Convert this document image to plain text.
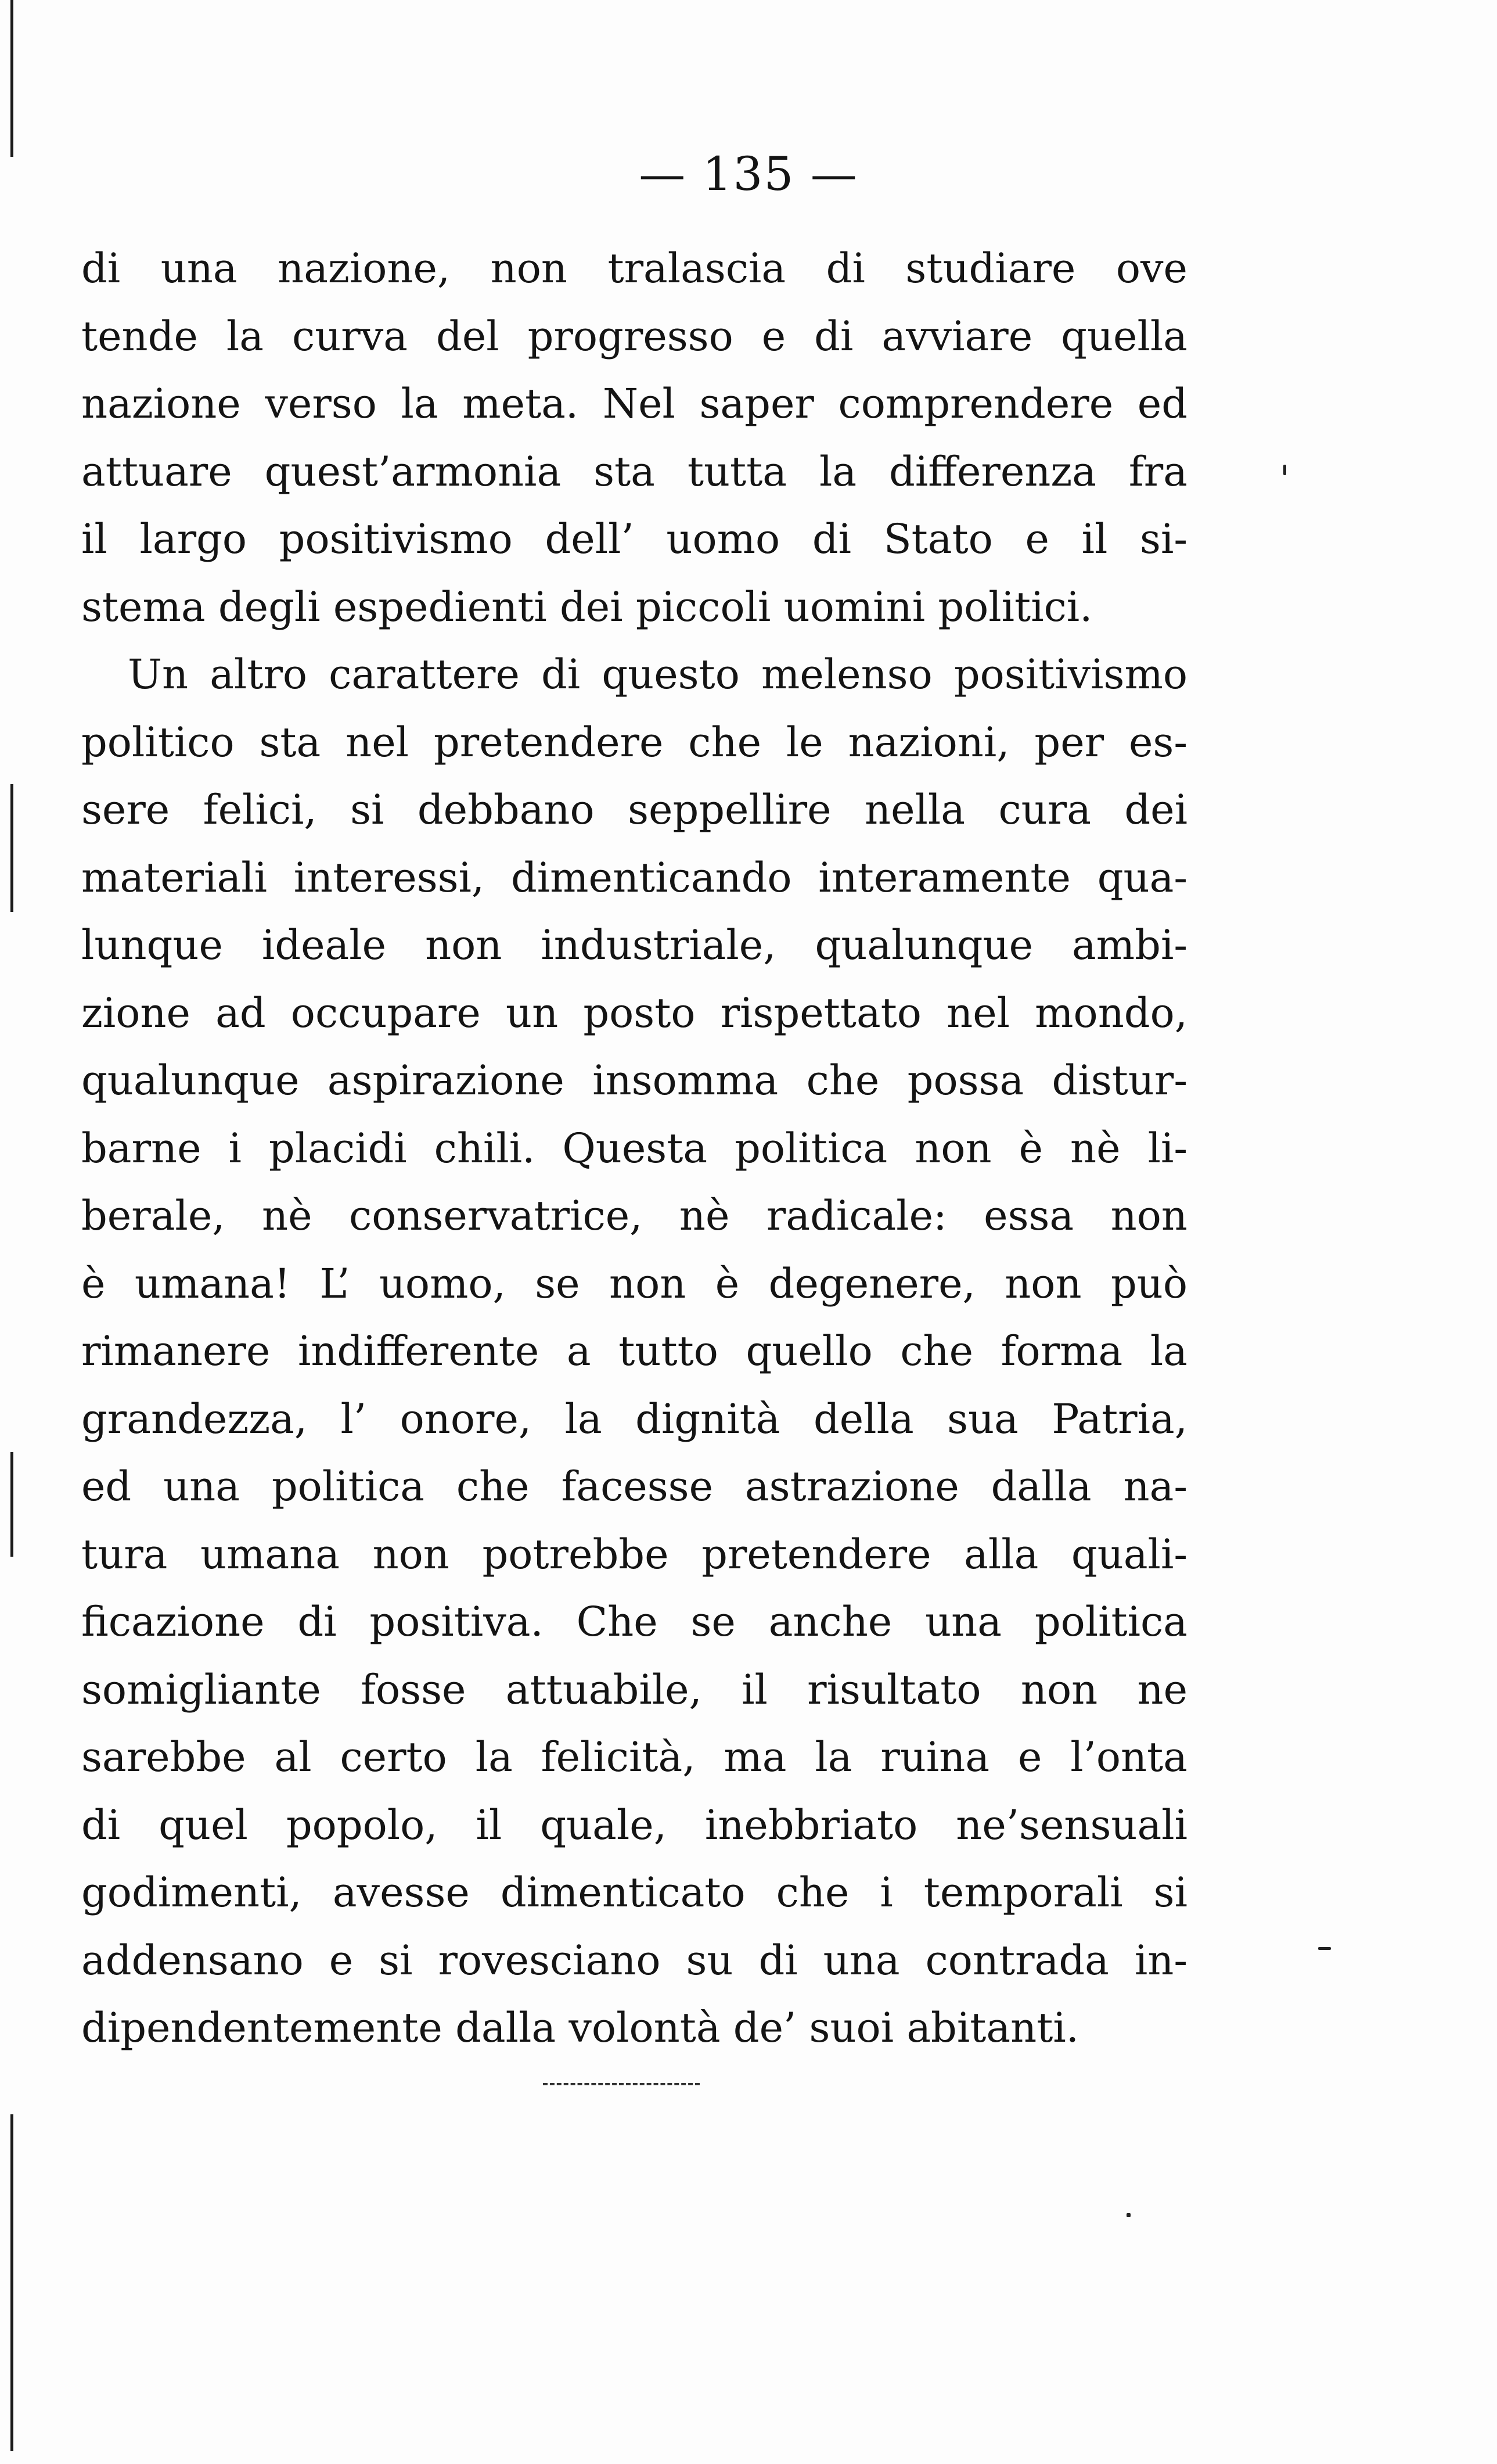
— 135 —
di una nazione, non tralascia di studiare ove
tende la curva del progresso e di avviare quella
nazione verso la meta. Nel saper comprendere ed
attuare quest’armonia sta tutta la differenza fra
il largo positivismo dell’ uomo di Stato e il si-
stema degli espedienti dei piccoli uomini politici.
Un altro carattere di questo melenso positivismo
politico sta nel pretendere che le nazioni, per es-
sere felici, si debbano seppellire nella cura dei
materiali interessi, dimenticando interamente qua-
lunque ideale non industriale, qualunque ambi-
zione ad occupare un posto rispettato nel mondo,
qualunque aspirazione insomma che possa distur-
barne i placidi chili. Questa politica non è nè li-
berale, nè conservatrice, nè radicale: essa non
è umana! L’ uomo, se non è degenere, non può
rimanere indifferente a tutto quello che forma la
grandezza, l’ onore, la dignità della sua Patria,
ed una politica che facesse astrazione dalla na-
tura umana non potrebbe pretendere alla quali-
ficazione di positiva. Che se anche una politica
somigliante fosse attuabile, il risultato non ne
sarebbe al certo la felicità, ma la ruina e l’onta
di quel popolo, il quale, inebbriato ne’sensuali
godimenti, avesse dimenticato che i temporali si
addensano e si rovesciano su di una contrada in-
dipendentemente dalla volontà de’ suoi abitanti.
